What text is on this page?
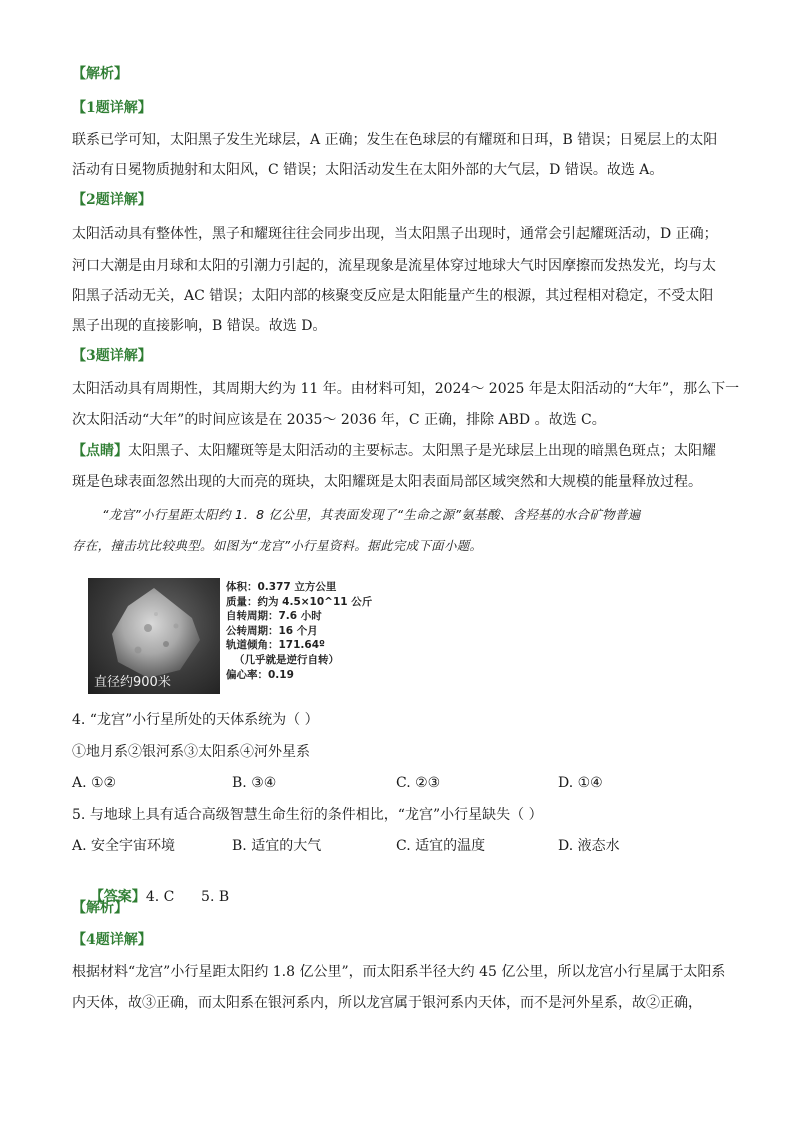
【解析】
【1题详解】
联系已学可知，太阳黑子发生光球层，A 正确；发生在色球层的有耀斑和日珥，B 错误；日冕层上的太阳
活动有日冕物质抛射和太阳风，C 错误；太阳活动发生在太阳外部的大气层，D 错误。故选 A。
【2题详解】
太阳活动具有整体性，黑子和耀斑往往会同步出现，当太阳黑子出现时，通常会引起耀斑活动，D 正确；
河口大潮是由月球和太阳的引潮力引起的，流星现象是流星体穿过地球大气时因摩擦而发热发光，均与太
阳黑子活动无关，AC 错误；太阳内部的核聚变反应是太阳能量产生的根源，其过程相对稳定，不受太阳
黑子出现的直接影响，B 错误。故选 D。
【3题详解】
太阳活动具有周期性，其周期大约为 11 年。由材料可知，2024～ 2025 年是太阳活动的“大年”，那么下一
次太阳活动“大年”的时间应该是在 2035～ 2036 年，C 正确，排除 ABD 。故选 C。
【点睛】太阳黑子、太阳耀斑等是太阳活动的主要标志。太阳黑子是光球层上出现的暗黑色斑点；太阳耀
斑是色球表面忽然出现的大而亮的斑块，太阳耀斑是太阳表面局部区域突然和大规模的能量释放过程。
“龙宫”小行星距太阳约 1．8 亿公里，其表面发现了“生命之源”氨基酸、含羟基的水合矿物普遍
存在，撞击坑比较典型。如图为“龙宫”小行星资料。据此完成下面小题。
直径约900米
体积：0.377 立方公里
质量：约为 4.5×10^11 公斤
自转周期：7.6 小时
公转周期：16 个月
轨道倾角：171.64º
（几乎就是逆行自转）
偏心率：0.19
4. “龙宫”小行星所处的天体系统为（ ）
①地月系②银河系③太阳系④河外星系
A. ①②	B. ③④	C. ②③	D. ①④
5. 与地球上具有适合高级智慧生命生衍的条件相比，“龙宫”小行星缺失（ ）
A. 安全宇宙环境	B. 适宜的大气	C. 适宜的温度	D. 液态水

【答案】4. C      5. B

【解析】
【4题详解】
根据材料“龙宫”小行星距太阳约 1.8 亿公里”，而太阳系半径大约 45 亿公里，所以龙宫小行星属于太阳系
内天体，故③正确，而太阳系在银河系内，所以龙宫属于银河系内天体，而不是河外星系，故②正确，
